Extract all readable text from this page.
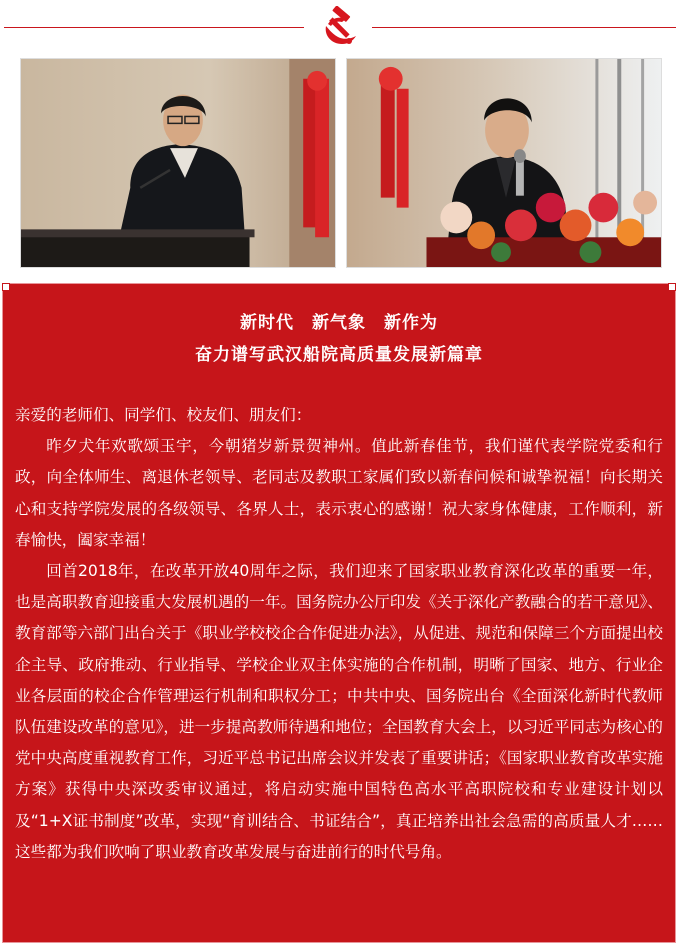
新时代　新气象　新作为
奋力谱写武汉船院高质量发展新篇章

亲爱的老师们、同学们、校友们、朋友们：

昨夕犬年欢歌颂玉宇，今朝猪岁新景贺神州。值此新春佳节，我们谨代表学院党委和行政，向全体师生、离退休老领导、老同志及教职工家属们致以新春问候和诚挚祝福！向长期关心和支持学院发展的各级领导、各界人士，表示衷心的感谢！祝大家身体健康，工作顺利，新春愉快，阖家幸福！

回首2018年，在改革开放40周年之际，我们迎来了国家职业教育深化改革的重要一年，也是高职教育迎接重大发展机遇的一年。国务院办公厅印发《关于深化产教融合的若干意见》、教育部等六部门出台关于《职业学校校企合作促进办法》，从促进、规范和保障三个方面提出校企主导、政府推动、行业指导、学校企业双主体实施的合作机制，明晰了国家、地方、行业企业各层面的校企合作管理运行机制和职权分工；中共中央、国务院出台《全面深化新时代教师队伍建设改革的意见》，进一步提高教师待遇和地位；全国教育大会上，以习近平同志为核心的党中央高度重视教育工作，习近平总书记出席会议并发表了重要讲话；《国家职业教育改革实施方案》获得中央深改委审议通过，将启动实施中国特色高水平高职院校和专业建设计划以及“1+X证书制度”改革，实现“育训结合、书证结合”，真正培养出社会急需的高质量人才……这些都为我们吹响了职业教育改革发展与奋进前行的时代号角。
